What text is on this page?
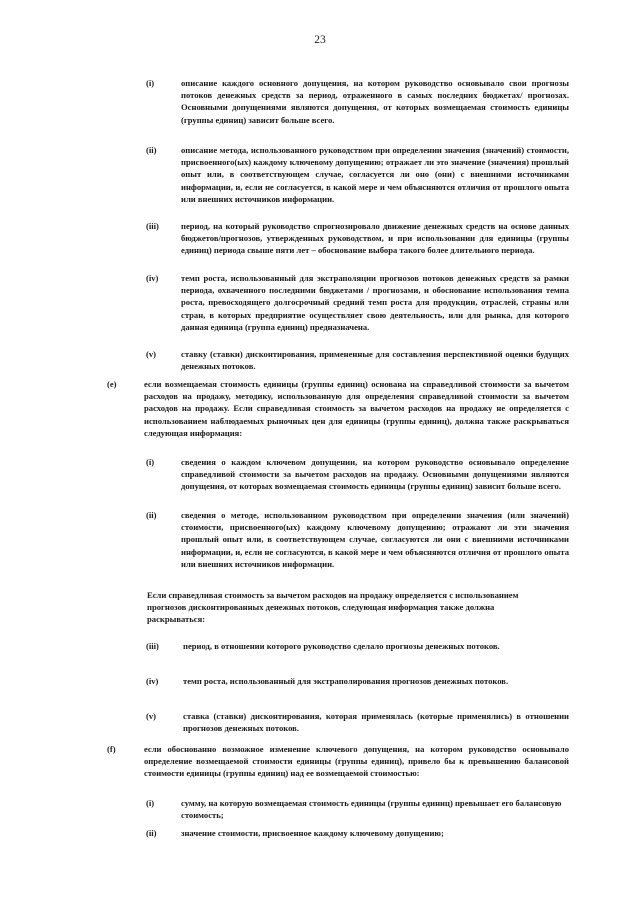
23

(i)	описание каждого основного допущения, на котором руководство основывало свои прогнозы потоков денежных средств за период, отраженного в самых последних бюджетах/ прогнозах. Основными допущениями являются допущения, от которых возмещаемая стоимость единицы (группы единиц) зависит больше всего.

(ii)	описание метода, использованного руководством при определении значения (значений) стоимости, присвоенного(ых) каждому ключевому допущению; отражает ли это значение (значения) прошлый опыт или, в соответствующем случае, согласуется ли оно (они) с внешними источниками информации, и, если не согласуется, в какой мере и чем объясняются отличия от прошлого опыта или внешних источников информации.

(iii)	период, на который руководство спрогнозировало движение денежных средств на основе данных бюджетов/прогнозов, утвержденных руководством, и при использовании для единицы (группы единиц) периода свыше пяти лет – обоснование выбора такого более длительного периода.

(iv)	темп роста, использованный для экстраполяции прогнозов потоков денежных средств за рамки периода, охваченного последними бюджетами / прогнозами, и обоснование использования темпа роста, превосходящего долгосрочный средний темп роста для продукции, отраслей, страны или стран, в которых предприятие осуществляет свою деятельность, или для рынка, для которого данная единица (группа единиц) предназначена.

(v)	ставку (ставки) дисконтирования, примененные для составления перспективной оценки будущих денежных потоков.

(e)	если возмещаемая стоимость единицы (группы единиц) основана на справедливой стоимости за вычетом расходов на продажу, методику, использованную для определения справедливой стоимости за вычетом расходов на продажу. Если справедливая стоимость за вычетом расходов на продажу не определяется с использованием наблюдаемых рыночных цен для единицы (группы единиц), должна также раскрываться следующая информация:

(i)	сведения о каждом ключевом допущении, на котором руководство основывало определение справедливой стоимости за вычетом расходов на продажу. Основными допущениями являются допущения, от которых возмещаемая стоимость единицы (группы единиц) зависит больше всего.

(ii)	сведения о методе, использованном руководством при определении значения (или значений) стоимости, присвоенного(ых) каждому ключевому допущению; отражают ли эти значения прошлый опыт или, в соответствующем случае, согласуются ли они с внешними источниками информации, и, если не согласуются, в какой мере и чем объясняются отличия от прошлого опыта или внешних источников информации.

Если справедливая стоимость за вычетом расходов на продажу определяется с использованием прогнозов дисконтированных денежных потоков, следующая информация также должна раскрываться:

(iii)	период, в отношении которого руководство сделало прогнозы денежных потоков.

(iv)	темп роста, использованный для экстраполирования прогнозов денежных потоков.

(v)	ставка (ставки) дисконтирования, которая применялась (которые применялись) в отношении прогнозов денежных потоков.

(f)	если обоснованно возможное изменение ключевого допущения, на котором руководство основывало определение возмещаемой стоимости единицы (группы единиц), привело бы к превышению балансовой стоимости единицы (группы единиц) над ее возмещаемой стоимостью:

(i)	сумму, на которую возмещаемая стоимость единицы (группы единиц) превышает его балансовую стоимость;

(ii)	значение стоимости, присвоенное каждому ключевому допущению;
